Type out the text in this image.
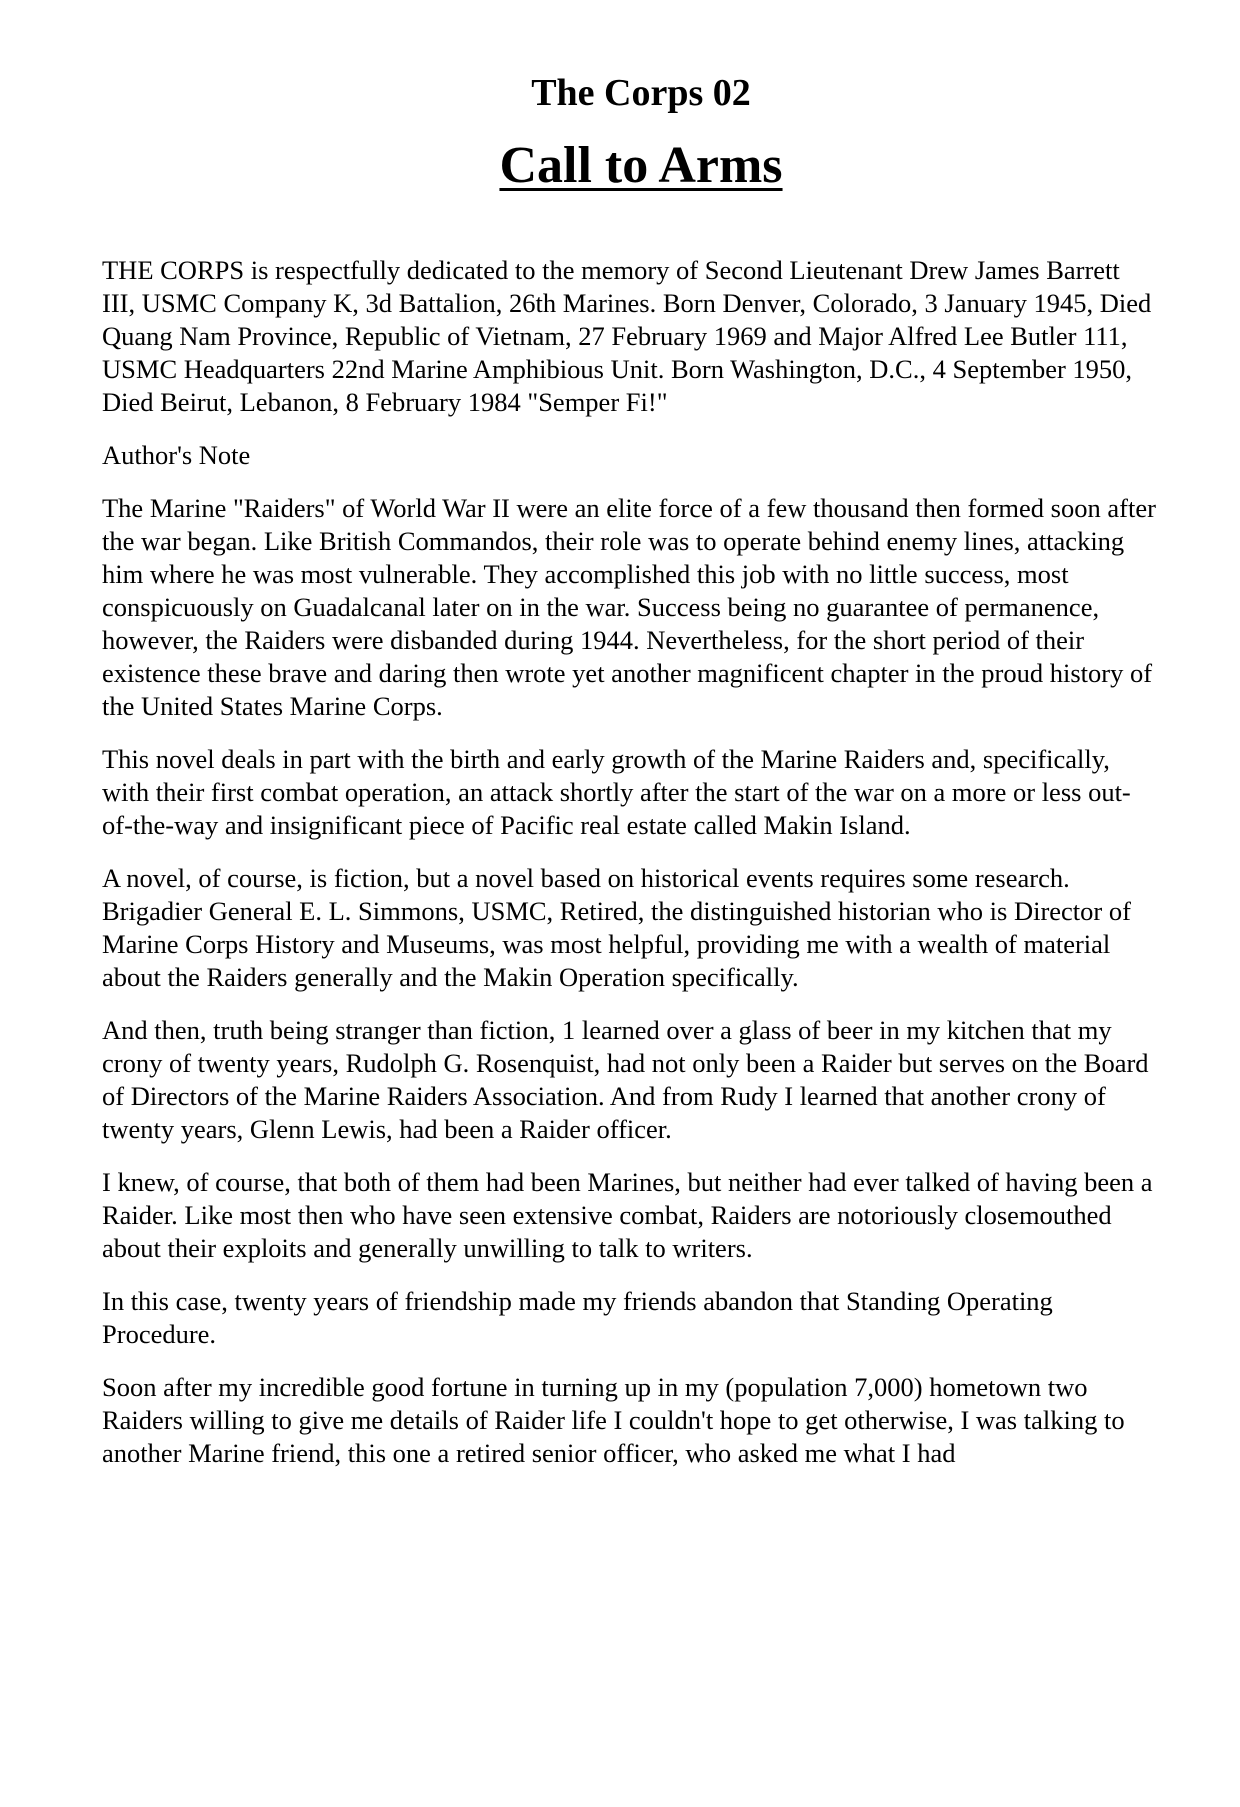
The Corps 02
Call to Arms

THE CORPS is respectfully dedicated to the memory of Second Lieutenant Drew James Barrett III, USMC Company K, 3d Battalion, 26th Marines. Born Denver, Colorado, 3 January 1945, Died Quang Nam Province, Republic of Vietnam, 27 February 1969 and Major Alfred Lee Butler 111, USMC Headquarters 22nd Marine Amphibious Unit. Born Washington, D.C., 4 September 1950, Died Beirut, Lebanon, 8 February 1984 "Semper Fi!"

Author's Note

The Marine "Raiders" of World War II were an elite force of a few thousand then formed soon after the war began. Like British Commandos, their role was to operate behind enemy lines, attacking him where he was most vulnerable. They accomplished this job with no little success, most conspicuously on Guadalcanal later on in the war. Success being no guarantee of permanence, however, the Raiders were disbanded during 1944. Nevertheless, for the short period of their existence these brave and daring then wrote yet another magnificent chapter in the proud history of the United States Marine Corps.

This novel deals in part with the birth and early growth of the Marine Raiders and, specifically, with their first combat operation, an attack shortly after the start of the war on a more or less out-of-the-way and insignificant piece of Pacific real estate called Makin Island.

A novel, of course, is fiction, but a novel based on historical events requires some research. Brigadier General E. L. Simmons, USMC, Retired, the distinguished historian who is Director of Marine Corps History and Museums, was most helpful, providing me with a wealth of material about the Raiders generally and the Makin Operation specifically.

And then, truth being stranger than fiction, 1 learned over a glass of beer in my kitchen that my crony of twenty years, Rudolph G. Rosenquist, had not only been a Raider but serves on the Board of Directors of the Marine Raiders Association. And from Rudy I learned that another crony of twenty years, Glenn Lewis, had been a Raider officer.

I knew, of course, that both of them had been Marines, but neither had ever talked of having been a Raider. Like most then who have seen extensive combat, Raiders are notoriously closemouthed about their exploits and generally unwilling to talk to writers.

In this case, twenty years of friendship made my friends abandon that Standing Operating Procedure.

Soon after my incredible good fortune in turning up in my (population 7,000) hometown two Raiders willing to give me details of Raider life I couldn't hope to get otherwise, I was talking to another Marine friend, this one a retired senior officer, who asked me what I had
